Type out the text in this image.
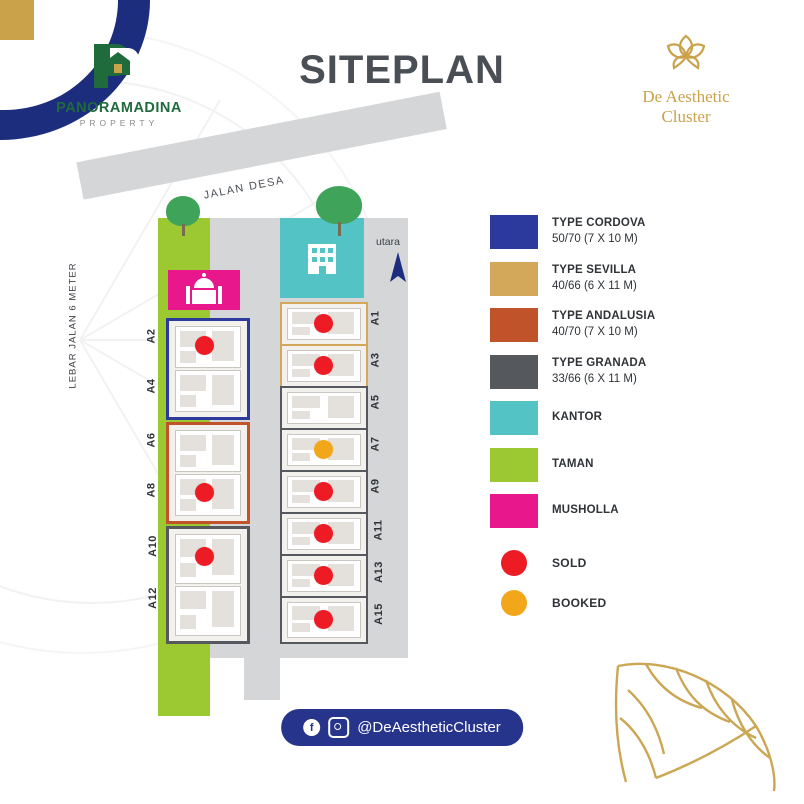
PANORAMADINA
PROPERTY
SITEPLAN
De Aesthetic
Cluster
JALAN DESA
utara
LEBAR JALAN 6 METER	A2
A4
A6
A8
A10
A12
A1
A3
A5
A7
A9
A11
A13
A15
TYPE CORDOVA
50/70 (7 X 10 M)
TYPE SEVILLA
40/66 (6 X 11 M)
TYPE ANDALUSIA
40/70 (7 X 10 M)
TYPE GRANADA
33/66 (6 X 11 M)
KANTOR
TAMAN
MUSHOLLA
SOLD
BOOKED
f	@DeAestheticCluster
